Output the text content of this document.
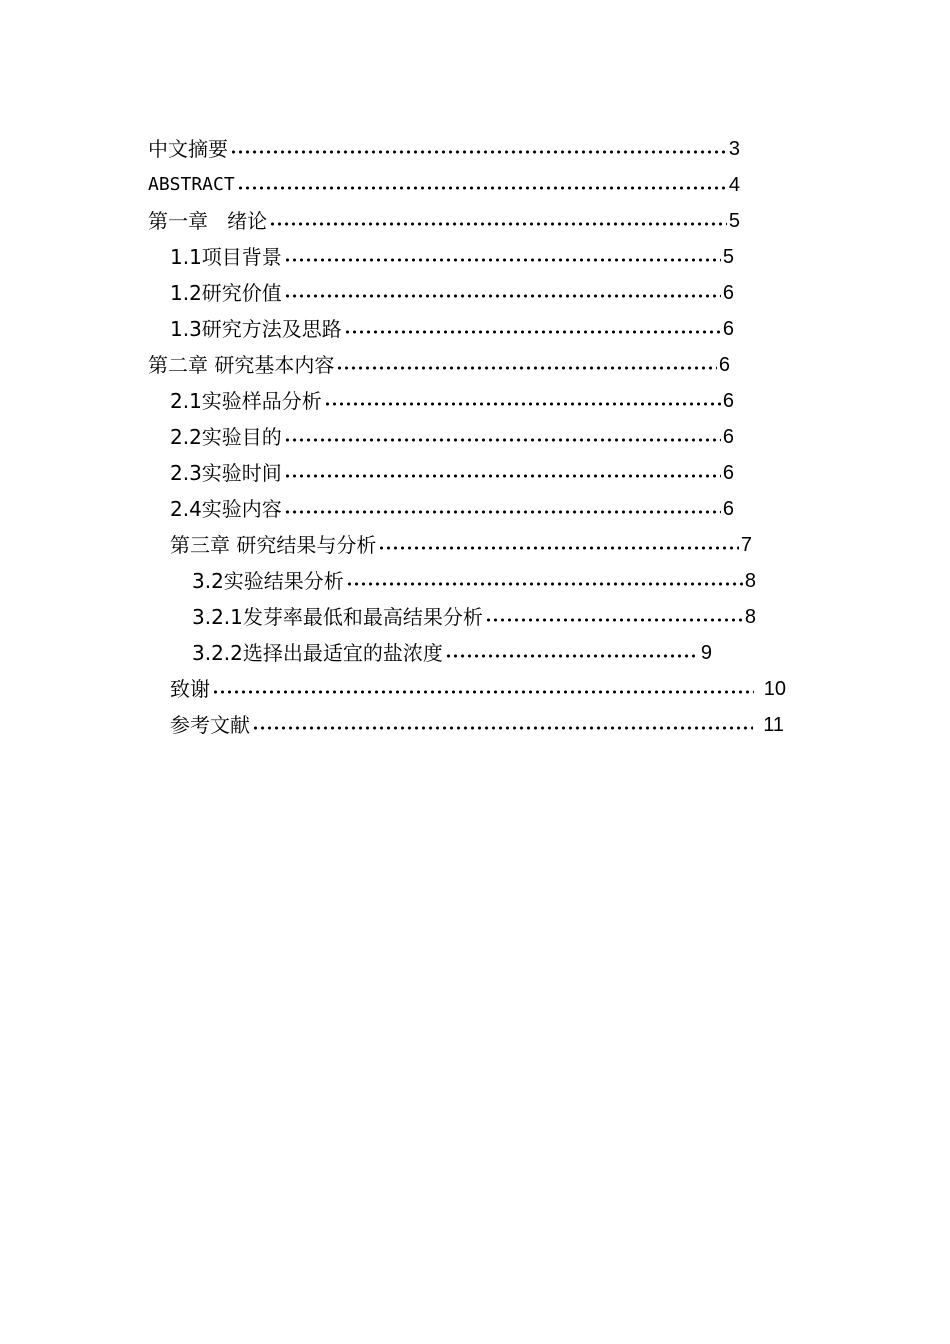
中文摘要	3
ABSTRACT	4
第一章   绪论	5
1.1项目背景	5
1.2研究价值	6
1.3研究方法及思路	6
第二章 研究基本内容	6
2.1实验样品分析	6
2.2实验目的	6
2.3实验时间	6
2.4实验内容	6
第三章 研究结果与分析	7
3.2实验结果分析	8
3.2.1发芽率最低和最高结果分析	8
3.2.2选择出最适宜的盐浓度	9
致谢	10
参考文献	11
